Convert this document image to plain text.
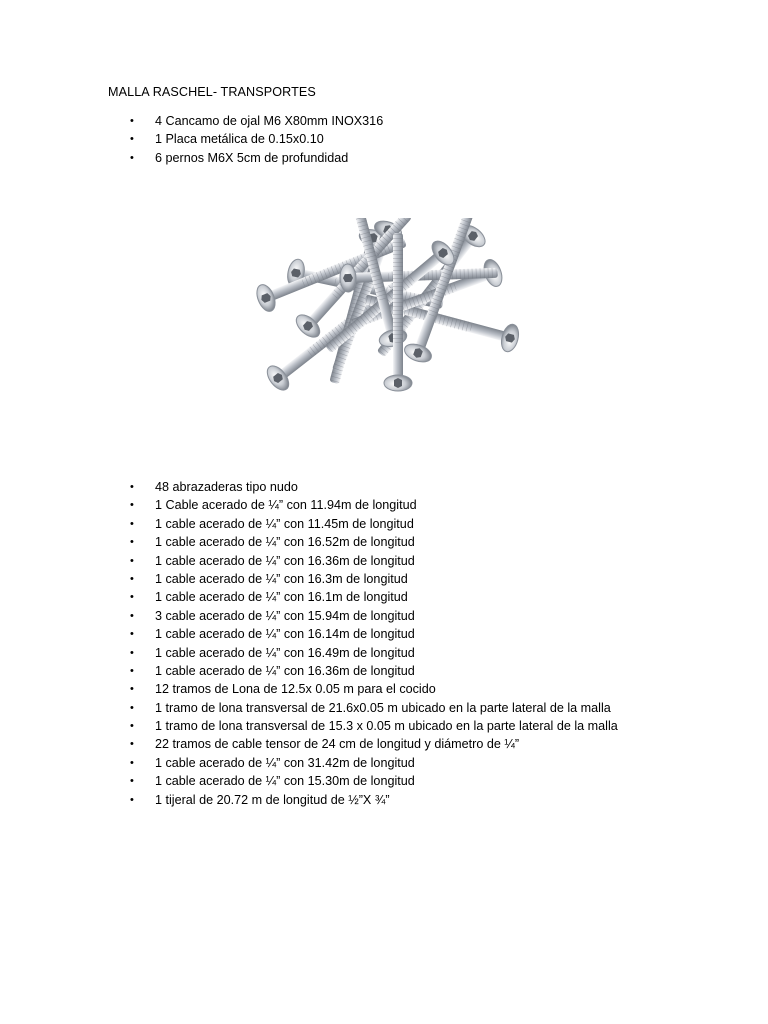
MALLA RASCHEL- TRANSPORTES
• 4 Cancamo de ojal M6 X80mm INOX316
• 1 Placa metálica de 0.15x0.10
• 6 pernos M6X 5cm de profundidad
• 48 abrazaderas tipo nudo
• 1 Cable acerado de ¼” con 11.94m de longitud
• 1 cable acerado de ¼” con 11.45m de longitud
• 1 cable acerado de ¼” con 16.52m de longitud
• 1 cable acerado de ¼” con 16.36m de longitud
• 1 cable acerado de ¼” con 16.3m de longitud
• 1 cable acerado de ¼” con 16.1m de longitud
• 3 cable acerado de ¼” con 15.94m de longitud
• 1 cable acerado de ¼” con 16.14m de longitud
• 1 cable acerado de ¼” con 16.49m de longitud
• 1 cable acerado de ¼” con 16.36m de longitud
• 12 tramos de Lona de 12.5x 0.05 m para el cocido
• 1 tramo de lona transversal de 21.6x0.05 m ubicado en la parte lateral de la malla
• 1 tramo de lona transversal de 15.3 x 0.05 m ubicado en la parte lateral de la malla
• 22 tramos de cable tensor de 24 cm de longitud y diámetro de ¼”
• 1 cable acerado de ¼” con 31.42m de longitud
• 1 cable acerado de ¼” con 15.30m de longitud
• 1 tijeral de 20.72 m de longitud de ½”X ¾”
